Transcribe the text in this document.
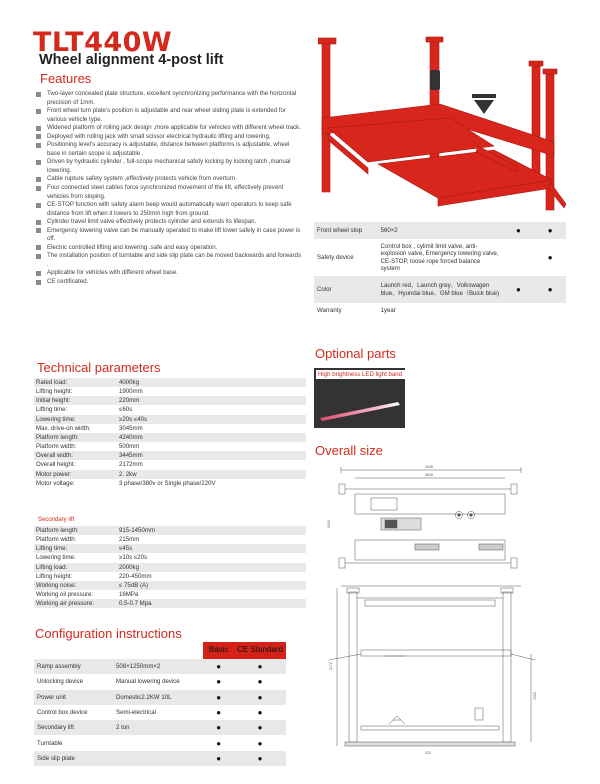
TLT440W
Wheel alignment 4-post lift
Features
Two-layer concealed plate structure, excellent synchronizing performance with the horizontal precision of 1mm.
Front wheel turn plate's position is adjustable and rear wheel sliding plate is extended for various vehicle type.
Widened platform of rolling jack design ,more applicable for vehicles with different wheel track.
Deployed with rolling jack with small scissor electrical hydraulic lifting and lowering.
Positioning level's accuracy is adjustable, distance between platforms is adjustable, wheel base in certain scope is adjustable .
Driven by hydraulic cylinder , full-scope mechanical safety locking by locking latch ,manual lowering.
Cable rupture safety system ,effectively protects vehicle from overturn.
Four connected steel cables force synchronized movement of the lift, effectively prevent vehicles from sloping.
CE-STOP function with safety alarm beep would automatically warn operators to keep safe distance from lift when it lowers to 250mm high from ground.
Cylinder travel limit valve effectively protects cylinder and extends its lifespan.
Emergency lowering valve can be manually operated to make lift lower safely in case power is off.
Electric controlled lifting and lowering ,safe and easy operation.
The installation position of turntable and side slip plate can be moved backwards and forwards .
Applicable for vehicles with different wheel base.
CE certificated.
Technical parameters
Rated load:	4000kg
Lifting height:	1900mm
Initial height:	220mm
Lifting time:	≤60s
Lowering time:	≥20s ≤40s
Max. drive-on width:	3045mm
Platform length:	4240mm
Platform width:	500mm
Overall width:	3445mm
Overall height:	2172mm
Motor power:	2. 2kw
Motor voltage:	3 phase/380v or Single phase/220V
Secondary lift
Platform length:	915-1450mm
Platform width:	215mm
Lifting time:	≤45s
Lowering time:	≥10s ≤20s
Lifting load:	2000kg
Lifting height:	220-450mm
Working noise:	≤ 75dB (A)
Working oil pressure:	16MPa
Working air pressure:	0.5-0.7 Mpa
Configuration instructions
		Basic	CE Standard
Ramp assembly	508×1250mm×2	●	●
Unlocking device	Manual lowering device	●	●
Power unit	Domestic2.2KW 10L	●	●
Control box device	Semi-electrical	●	●
Secondary lift	2 ton	●	●
Turntable		●	●
Side slip plate		●	●
Front wheel stop	560×2	●	●
Safety device	Control box , cylimit limit valve, anti-explosion valve, Emergency lowering valve, CE-STOP, loose rope forced balance system		●
Color	Launch red、Launch grey、Volkswagen blue、Hyundai blue、GM blue（Buick blue)	●	●
Warranty	1year		
Optional parts
High brightness LED light band
Overall size
3445
3045
4240
2172
1900
220
